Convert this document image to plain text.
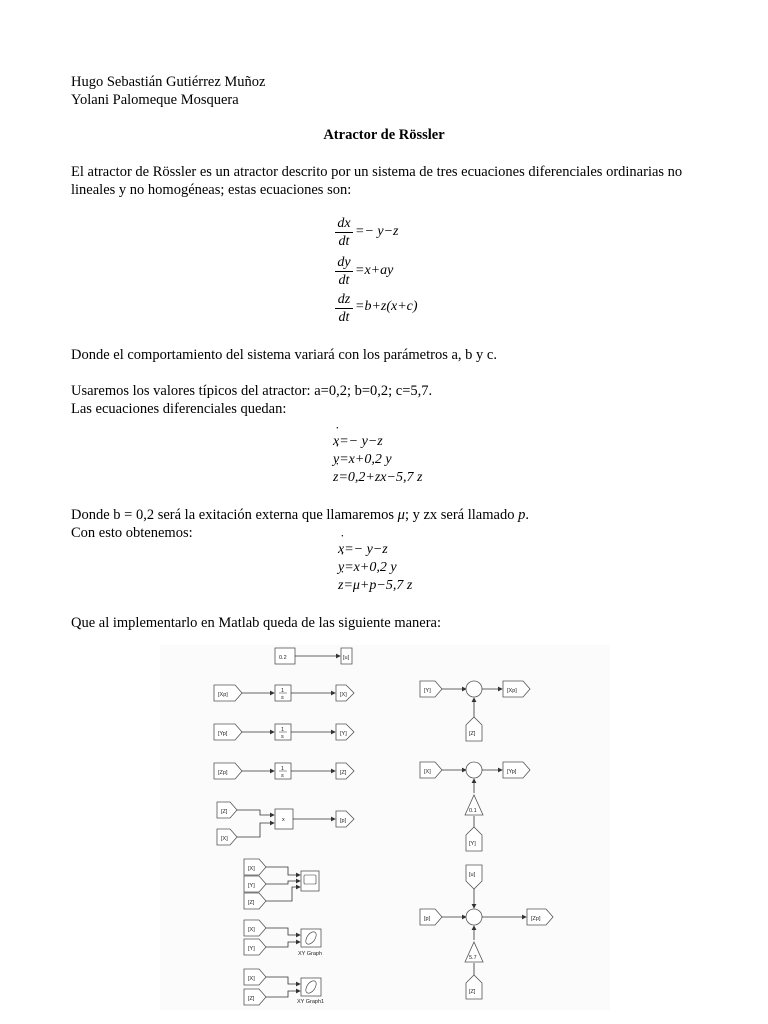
Hugo Sebastián Gutiérrez Muñoz
Yolani Palomeque Mosquera
Atractor de Rössler
El atractor de Rössler es un atractor descrito por un sistema de tres ecuaciones diferenciales ordinarias no lineales y no homogéneas; estas ecuaciones son:
$\frac{dx}{dt} =- y-z$
$\frac{dy}{dt} =x+ay$
$\frac{dz}{dt} =b+z(x+c)$
Donde el comportamiento del sistema variará con los parámetros a, b y c.
Usaremos los valores típicos del atractor: a=0,2; b=0,2; c=5,7.
Las ecuaciones diferenciales quedan:
˙ x=− y−z
˙ y=x+0,2 y
˙ z=0,2+zx−5,7 z
Donde b = 0,2 será la exitación externa que llamaremos μ; y zx será llamado p.
Con esto obtenemos:
˙ x=− y−z
˙ y=x+0,2 y
˙ z=μ+p−5,7 z
Que al implementarlo en Matlab queda de las siguiente manera:
0.2	[u]
[Xp]
1
s	[X]
[Yp]
1
s	[Y]
[Zp]
1
s	[Z]
[Z]
[X]
x	[p]
[X]
[Y]
[Z]
[X]
[Y]
XY Graph
[X]
[Z]	XY Graph1
[Y]	[Xp]
[Z]
[X]	[Yp]
0.1
[Y]
[u]
[p]	[Zp]
5.7
[Z]
